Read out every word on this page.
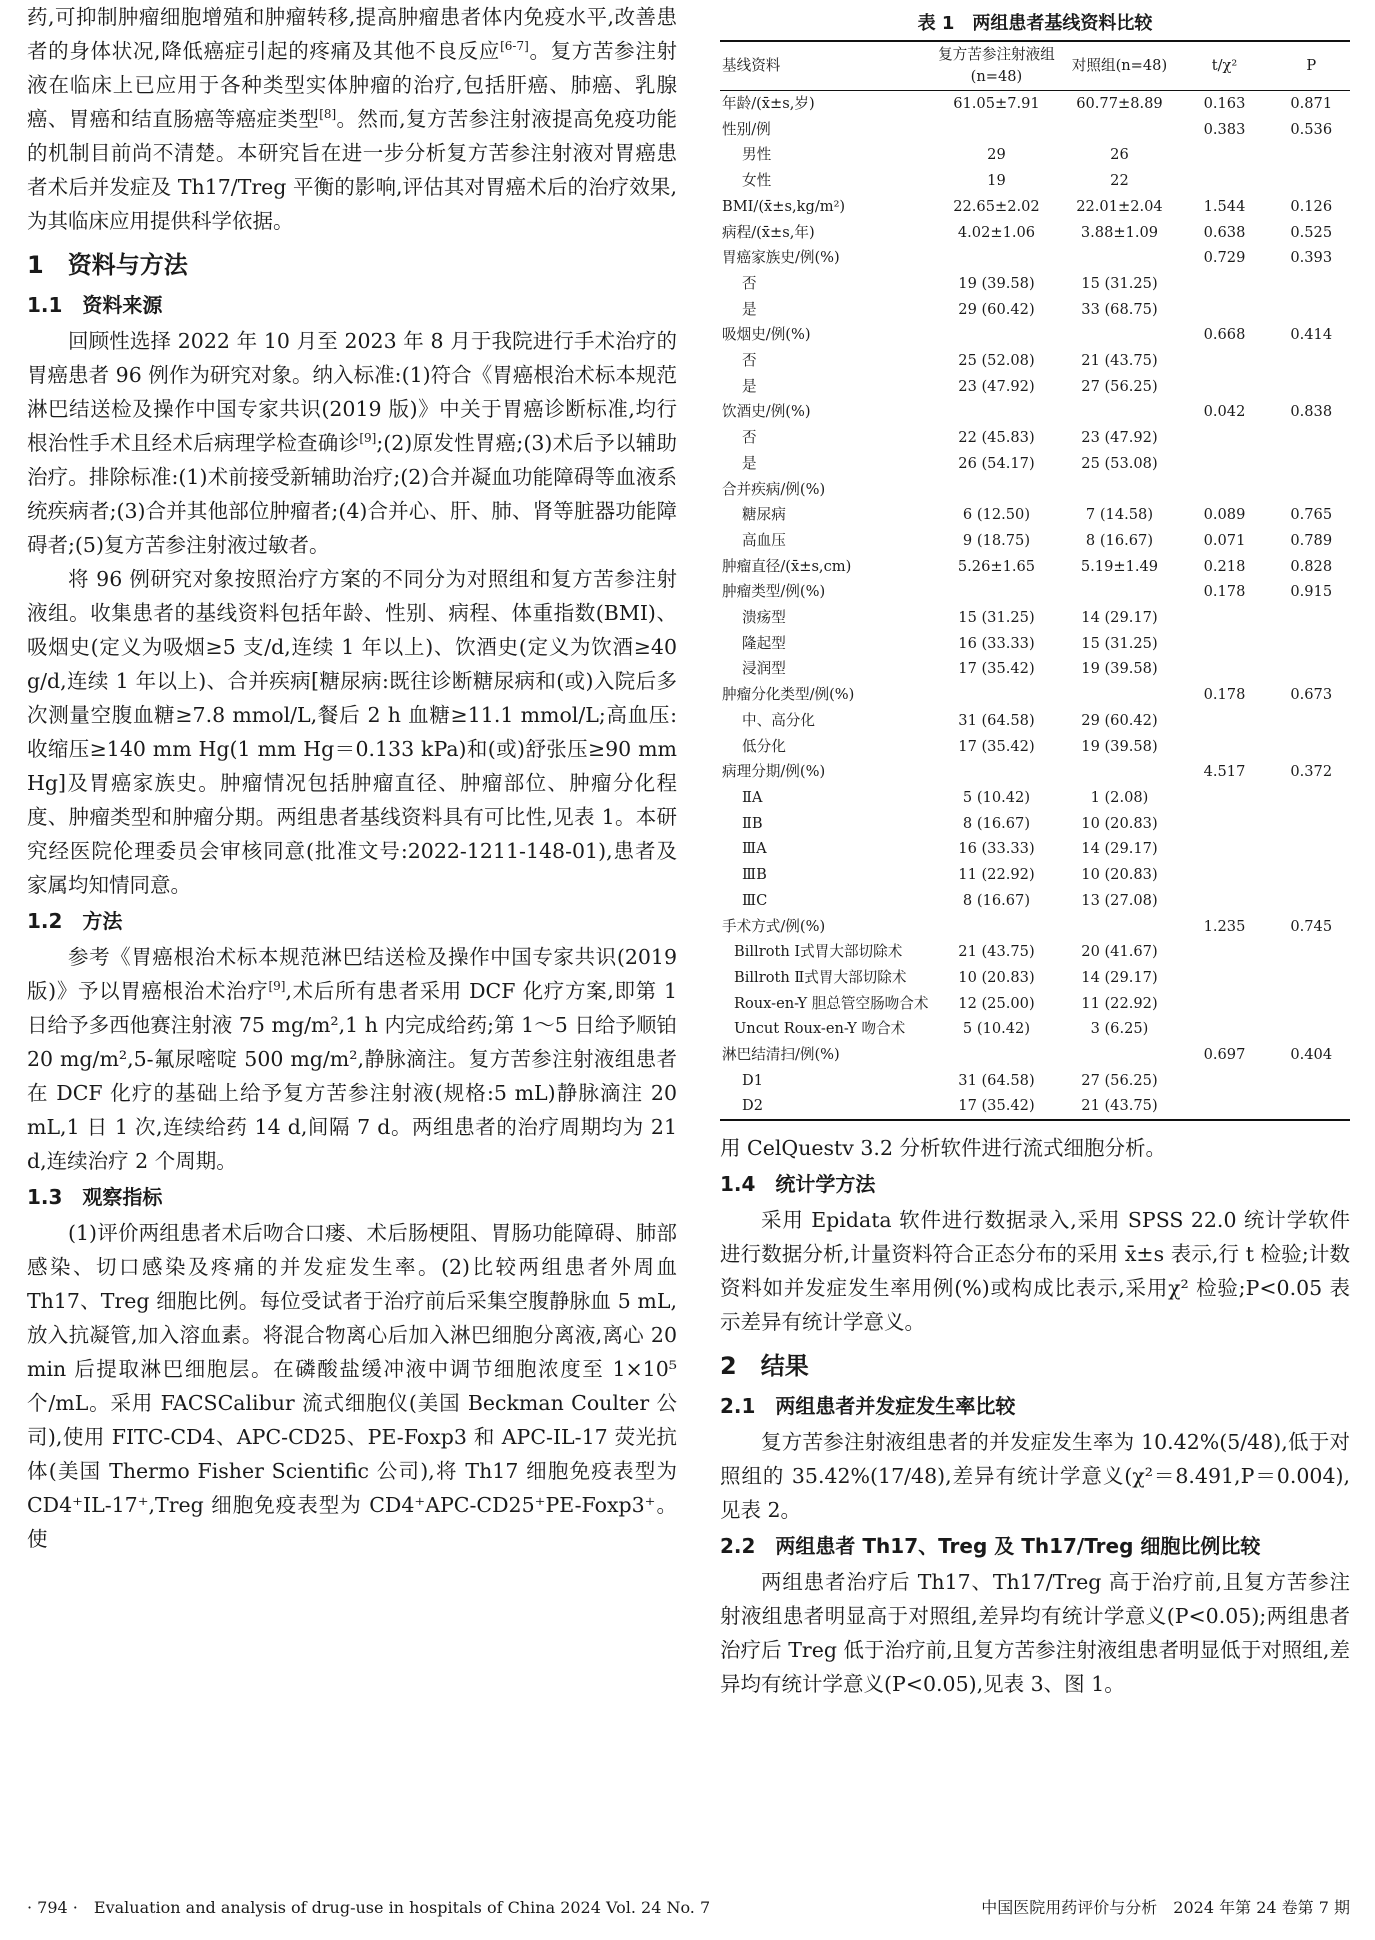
药,可抑制肿瘤细胞增殖和肿瘤转移,提高肿瘤患者体内免疫水平,改善患者的身体状况,降低癌症引起的疼痛及其他不良反应[6-7]。复方苦参注射液在临床上已应用于各种类型实体肿瘤的治疗,包括肝癌、肺癌、乳腺癌、胃癌和结直肠癌等癌症类型[8]。然而,复方苦参注射液提高免疫功能的机制目前尚不清楚。本研究旨在进一步分析复方苦参注射液对胃癌患者术后并发症及 Th17/Treg 平衡的影响,评估其对胃癌术后的治疗效果,为其临床应用提供科学依据。

1　资料与方法
1.1　资料来源

回顾性选择 2022 年 10 月至 2023 年 8 月于我院进行手术治疗的胃癌患者 96 例作为研究对象。纳入标准:(1)符合《胃癌根治术标本规范淋巴结送检及操作中国专家共识(2019 版)》中关于胃癌诊断标准,均行根治性手术且经术后病理学检查确诊[9];(2)原发性胃癌;(3)术后予以辅助治疗。排除标准:(1)术前接受新辅助治疗;(2)合并凝血功能障碍等血液系统疾病者;(3)合并其他部位肿瘤者;(4)合并心、肝、肺、肾等脏器功能障碍者;(5)复方苦参注射液过敏者。

将 96 例研究对象按照治疗方案的不同分为对照组和复方苦参注射液组。收集患者的基线资料包括年龄、性别、病程、体重指数(BMI)、吸烟史(定义为吸烟≥5 支/d,连续 1 年以上)、饮酒史(定义为饮酒≥40 g/d,连续 1 年以上)、合并疾病[糖尿病:既往诊断糖尿病和(或)入院后多次测量空腹血糖≥7.8 mmol/L,餐后 2 h 血糖≥11.1 mmol/L;高血压:收缩压≥140 mm Hg(1 mm Hg＝0.133 kPa)和(或)舒张压≥90 mm Hg]及胃癌家族史。肿瘤情况包括肿瘤直径、肿瘤部位、肿瘤分化程度、肿瘤类型和肿瘤分期。两组患者基线资料具有可比性,见表 1。本研究经医院伦理委员会审核同意(批准文号:2022-1211-148-01),患者及家属均知情同意。

1.2　方法

参考《胃癌根治术标本规范淋巴结送检及操作中国专家共识(2019 版)》予以胃癌根治术治疗[9],术后所有患者采用 DCF 化疗方案,即第 1 日给予多西他赛注射液 75 mg/m²,1 h 内完成给药;第 1～5 日给予顺铂 20 mg/m²,5-氟尿嘧啶 500 mg/m²,静脉滴注。复方苦参注射液组患者在 DCF 化疗的基础上给予复方苦参注射液(规格:5 mL)静脉滴注 20 mL,1 日 1 次,连续给药 14 d,间隔 7 d。两组患者的治疗周期均为 21 d,连续治疗 2 个周期。

1.3　观察指标

(1)评价两组患者术后吻合口瘘、术后肠梗阻、胃肠功能障碍、肺部感染、切口感染及疼痛的并发症发生率。(2)比较两组患者外周血 Th17、Treg 细胞比例。每位受试者于治疗前后采集空腹静脉血 5 mL,放入抗凝管,加入溶血素。将混合物离心后加入淋巴细胞分离液,离心 20 min 后提取淋巴细胞层。在磷酸盐缓冲液中调节细胞浓度至 1×10⁵ 个/mL。采用 FACSCalibur 流式细胞仪(美国 Beckman Coulter 公司),使用 FITC-CD4、APC-CD25、PE-Foxp3 和 APC-IL-17 荧光抗体(美国 Thermo Fisher Scientific 公司),将 Th17 细胞免疫表型为 CD4⁺IL-17⁺,Treg 细胞免疫表型为 CD4⁺APC-CD25⁺PE-Foxp3⁺。使

表 1　两组患者基线资料比较
基线资料	复方苦参注射液组(n=48)	对照组(n=48)	t/χ²	P
年龄/(x̄±s,岁)	61.05±7.91	60.77±8.89	0.163	0.871
性别/例			0.383	0.536
男性	29	26		
女性	19	22		
BMI/(x̄±s,kg/m²)	22.65±2.02	22.01±2.04	1.544	0.126
病程/(x̄±s,年)	4.02±1.06	3.88±1.09	0.638	0.525
胃癌家族史/例(%)			0.729	0.393
否	19 (39.58)	15 (31.25)		
是	29 (60.42)	33 (68.75)		
吸烟史/例(%)			0.668	0.414
否	25 (52.08)	21 (43.75)		
是	23 (47.92)	27 (56.25)		
饮酒史/例(%)			0.042	0.838
否	22 (45.83)	23 (47.92)		
是	26 (54.17)	25 (53.08)		
合并疾病/例(%)				
糖尿病	6 (12.50)	7 (14.58)	0.089	0.765
高血压	9 (18.75)	8 (16.67)	0.071	0.789
肿瘤直径/(x̄±s,cm)	5.26±1.65	5.19±1.49	0.218	0.828
肿瘤类型/例(%)			0.178	0.915
溃疡型	15 (31.25)	14 (29.17)		
隆起型	16 (33.33)	15 (31.25)		
浸润型	17 (35.42)	19 (39.58)		
肿瘤分化类型/例(%)			0.178	0.673
中、高分化	31 (64.58)	29 (60.42)		
低分化	17 (35.42)	19 (39.58)		
病理分期/例(%)			4.517	0.372
ⅡA	5 (10.42)	1 (2.08)		
ⅡB	8 (16.67)	10 (20.83)		
ⅢA	16 (33.33)	14 (29.17)		
ⅢB	11 (22.92)	10 (20.83)		
ⅢC	8 (16.67)	13 (27.08)		
手术方式/例(%)			1.235	0.745
Billroth Ⅰ式胃大部切除术	21 (43.75)	20 (41.67)		
Billroth Ⅱ式胃大部切除术	10 (20.83)	14 (29.17)		
Roux-en-Y 胆总管空肠吻合术	12 (25.00)	11 (22.92)		
Uncut Roux-en-Y 吻合术	5 (10.42)	3 (6.25)		
淋巴结清扫/例(%)			0.697	0.404
D1	31 (64.58)	27 (56.25)		
D2	17 (35.42)	21 (43.75)		

用 CelQuestv 3.2 分析软件进行流式细胞分析。

1.4　统计学方法

采用 Epidata 软件进行数据录入,采用 SPSS 22.0 统计学软件进行数据分析,计量资料符合正态分布的采用 x̄±s 表示,行 t 检验;计数资料如并发症发生率用例(%)或构成比表示,采用χ² 检验;P<0.05 表示差异有统计学意义。

2　结果
2.1　两组患者并发症发生率比较

复方苦参注射液组患者的并发症发生率为 10.42%(5/48),低于对照组的 35.42%(17/48),差异有统计学意义(χ²＝8.491,P＝0.004),见表 2。

2.2　两组患者 Th17、Treg 及 Th17/Treg 细胞比例比较

两组患者治疗后 Th17、Th17/Treg 高于治疗前,且复方苦参注射液组患者明显高于对照组,差异均有统计学意义(P<0.05);两组患者治疗后 Treg 低于治疗前,且复方苦参注射液组患者明显低于对照组,差异均有统计学意义(P<0.05),见表 3、图 1。

· 794 ·　Evaluation and analysis of drug-use in hospitals of China 2024 Vol. 24 No. 7	中国医院用药评价与分析　2024 年第 24 卷第 7 期
